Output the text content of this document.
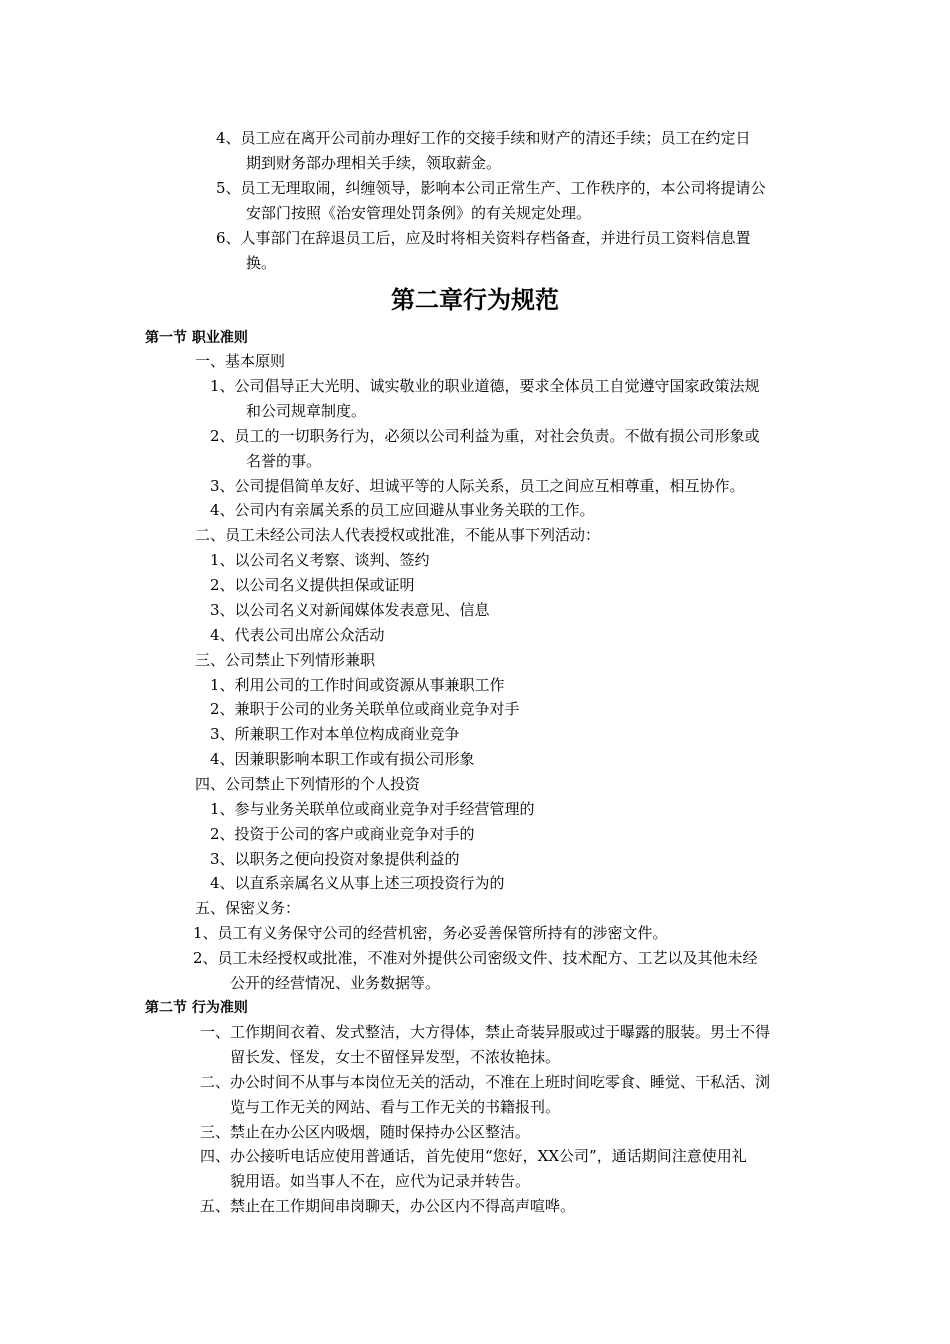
4、员工应在离开公司前办理好工作的交接手续和财产的清还手续；员工在约定日
期到财务部办理相关手续，领取薪金。
5、员工无理取闹，纠缠领导，影响本公司正常生产、工作秩序的，本公司将提请公
安部门按照《治安管理处罚条例》的有关规定处理。
6、人事部门在辞退员工后，应及时将相关资料存档备查，并进行员工资料信息置
换。
第二章行为规范
第一节 职业准则
一、基本原则
1、公司倡导正大光明、诚实敬业的职业道德，要求全体员工自觉遵守国家政策法规
和公司规章制度。
2、员工的一切职务行为，必须以公司利益为重，对社会负责。不做有损公司形象或
名誉的事。
3、公司提倡简单友好、坦诚平等的人际关系，员工之间应互相尊重，相互协作。
4、公司内有亲属关系的员工应回避从事业务关联的工作。
二、员工未经公司法人代表授权或批准，不能从事下列活动：
1、以公司名义考察、谈判、签约
2、以公司名义提供担保或证明
3、以公司名义对新闻媒体发表意见、信息
4、代表公司出席公众活动
三、公司禁止下列情形兼职
1、利用公司的工作时间或资源从事兼职工作
2、兼职于公司的业务关联单位或商业竞争对手
3、所兼职工作对本单位构成商业竞争
4、因兼职影响本职工作或有损公司形象
四、公司禁止下列情形的个人投资
1、参与业务关联单位或商业竞争对手经营管理的
2、投资于公司的客户或商业竞争对手的
3、以职务之便向投资对象提供利益的
4、以直系亲属名义从事上述三项投资行为的
五、保密义务：
1、员工有义务保守公司的经营机密，务必妥善保管所持有的涉密文件。
2、员工未经授权或批准，不准对外提供公司密级文件、技术配方、工艺以及其他未经
公开的经营情况、业务数据等。
第二节 行为准则
一、工作期间衣着、发式整洁，大方得体，禁止奇装异服或过于曝露的服装。男士不得
留长发、怪发，女士不留怪异发型，不浓妆艳抹。
二、办公时间不从事与本岗位无关的活动，不准在上班时间吃零食、睡觉、干私活、浏
览与工作无关的网站、看与工作无关的书籍报刊。
三、禁止在办公区内吸烟，随时保持办公区整洁。
四、办公接听电话应使用普通话，首先使用“您好，XX公司”，通话期间注意使用礼
貌用语。如当事人不在，应代为记录并转告。
五、禁止在工作期间串岗聊天，办公区内不得高声喧哗。
